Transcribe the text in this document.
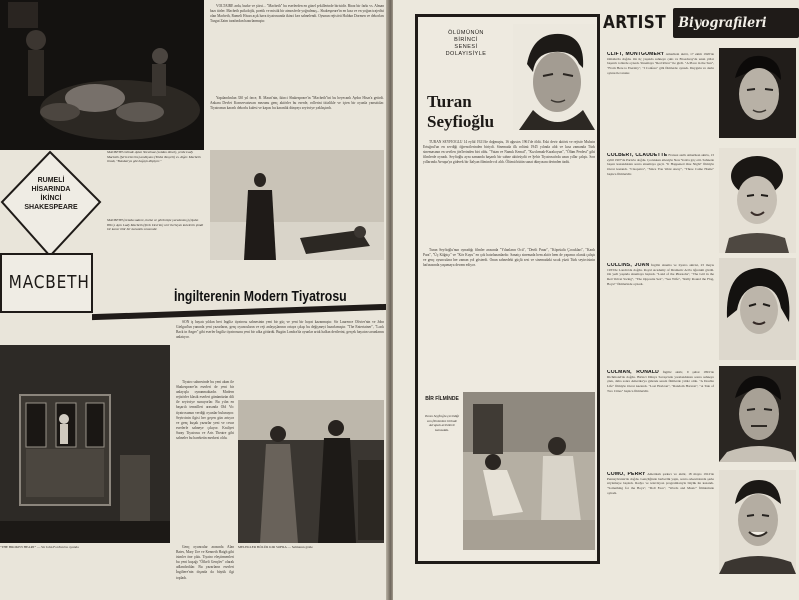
RUMELİ
HİSARINDA
İKİNCİ
SHAKESPEARE
MACBETH
MACBETH rolünde Ayten Yorulmaz (soldan ikinci), yerde Lady Macbeth (Şirin Devrim) ambiyans (Yıldız Tanyeli) vs. diğer. Macbeth tiradı, "Bundan'ya göz bağıştı düşüyor."
MACBETH (ortada sadece, burke ve görünüşte yaralanmış) (Aydın Hürı). Aynı Lady Macbeth (Şirin Devrim) veri ilerleyen kulelerin şimdi bir karar ölür bir karanlık sırasındır.

VOLTAIRE arda, burke ve şiirsi... "Macbeth" bu eserlerden en güzel şekillerinde birisidir. Biraz bir farkı vs. Alman bazı türler. Macbeth psikolojik, poetik ve mistik bir atmosferle yoğrulmuş... Shakespeare'in en kısa ve en yoğun trajedisi olan Macbeth, Rumeli Hisarı açık hava tiyatrosunda ikinci kez sahnelendi. Oyunun rejisörü Haldun Dormen ve dekorları Turgut Zaim tarafından hazırlanmıştır.

Yapılandırılan 330 yıl önce, B. Mauri'nin, ikinci Shakespeare'in "Macbeth"ini bu heyecanlı Aydın Hisar'a getirdi. Ankara Devlet Konservatuvarı mezunu genç aktörler bu eserde, rollerini titizlikle ve içten bir oyunla yansıttılar. Tiyatronun kararlı dekorlu kulesi ve kapısı bu karanlık dünyayı seyirciye yaklaştırdı.

İngilterenin Modern Tiyatrosu

SON iş hayatı yıldan beri İngiliz tiyatrosu sahnesinin yeni bir güç ve yeni bir hayat kazanmıştır. Sir Laurence Olivier'nin ve John Gielgud'un yanında yeni yazarların, genç oyuncuların ve reji anlayışlarının ortaya çıkışı bu değişmeyi hazırlamıştır. "The Entertainer", "Look Back in Anger" gibi eserler İngiliz tiyatrosunu yeni bir ufka götürdü. Bugün Londra'da oyunlar artık halkın dertlerini, gerçek hayatın sorunlarını anlatıyor.

Tiyatro sahnesinde bu yeni akım ile Shakespeare'in eserleri de yeni bir anlayışla oynanmaktadır. Modern rejisörler klasik eserleri günümüzün dili ile seyirciye sunuyorlar. Bu yılın en başarılı temsilleri arasında Old Vic tiyatrosunun verdiği oyunlar bulunuyor. Seyircinin ilgisi her geçen gün artıyor ve genç kuşak yazarlar yeni ve cesur eserlerle sahneye çıkıyor. Kraliyet Saray Tiyatrosu ve Arts Theatre gibi sahneler bu hareketin merkezi oldu.

"THE BROKEN HEART" — Sir John Ford'un bu oyunda	Genç oyuncular arasında Alan Bates, Mary Ure ve Kenneth Haigh gibi isimler öne çıktı. Tiyatro eleştirmenleri bu yeni kuşağı "Öfkeli Gençler" olarak adlandırdılar. Bu yazarların eserleri İngiltere'nin dışında da büyük ilgi topladı.

MELEKLER BÖLÜR KIR SOFRA — Selmanın gözle
ÖLÜMÜNÜN
BİRİNCİ
SENESİ
DOLAYISİYLE
Turan
Seyfioğlu

TURAN SEYFİOĞLU 14 eylül 1921'de doğmuştu, 16 ağustos 1961'de öldü. Eski devir aktörü ve rejisör Muhsin Ertuğrul'un en sevdiği öğrencilerinden biriydi. Sinemada ilk rolünü 1945 yılında aldı ve kısa zamanda Türk sinemasının en sevilen jön'lerinden biri oldu. "Vatan ve Namık Kemal", "Kızılırmak-Karakoyun", "Ölüm Perdesi" gibi filmlerde oynadı. Seyfioğlu aynı zamanda başarılı bir sahne aktörüydü ve Şehir Tiyatrosu'nda uzun yıllar çalıştı. Son yıllarında Avrupa'ya giderek bir İtalyan filminde rol aldı. Ölümü bütün sanat dünyasını derinden üzdü.

Turan Seyfioğlu'nun oynadığı filmler arasında "Yılanların Öcü", "Dertli Pınar", "Köprüaltı Çocukları", "Kanlı Para", "Üç Kâğıtçı" ve "Kör Kuyu" en çok hatırlananlardır. Sanatçı sinemada hem aktör hem de yapımcı olarak çalıştı ve genç oyunculara her zaman yol gösterdi. Onun sahnedeki güçlü sesi ve sinemadaki sıcak yüzü Türk seyircisinin hafızasında yaşamaya devam ediyor.

BİR FİLMİNDE
Turan Seyfioğlu çevirdiği son filmlerden birinde Avrupalı artistlerle kumsalda.
ARTIST Biyografileri
CLIFT, MONTGOMERY Amerikalı aktör, 17 ekim 1920'de Omaha'da doğdu. On üç yaşında sahneye çıktı ve Broadway'de uzun yıllar başarılı rollerde oynadı. Sinemaya "Red River" ile girdi. "A Place in the Sun", "From Here to Eternity", "I Confess" gibi filmlerde oynadı. Duygulu ve derin oyunu ile tanınır.
COLBERT, CLAUDETTE Fransız asıllı Amerikan aktris, 13 eylül 1907'de Paris'te doğdu. Çocukken ailesiyle New York'a göç etti. Sahnede başarı kazandıktan sonra sinemaya geçti. "It Happened One Night" filmiyle Oscar kazandı. "Cleopatra", "Since You Went Away", "Three Came Home" başlıca filmleridir.
COLLINS, JOAN İngiliz sinema ve tiyatro aktrisi, 23 mayıs 1933'de Londra'da doğdu. Royal Academy of Dramatic Art'ta öğrenim gördü. On yedi yaşında sinemaya başladı. "Land of the Pharaohs", "The Girl in the Red Velvet Swing", "The Opposite Sex", "Sea Wife", "Rally Round the Flag, Boys!" filmlerinde oynadı.
COLMAN, RONALD İngiliz aktör, 9 şubat 1891'de Richmond'da doğdu. Birinci Dünya Savaşı'nda yaralandıktan sonra sahneye çıktı, daha sonra Amerika'ya giderek sessiz filmlerde yıldız oldu. "A Double Life" filmiyle Oscar kazandı. "Lost Horizon", "Random Harvest", "A Tale of Two Cities" başlıca filmleridir.
COMO, PERRY Amerikalı şarkıcı ve aktör, 18 mayıs 1912'de Pennsylvania'da doğdu. Gençliğinde berberlik yaptı, sonra orkestralarda şarkı söylemeye başladı. Radyo ve televizyon programlarıyla büyük ün kazandı. "Something for the Boys", "Doll Face", "Words and Music" filmlerinde oynadı.
